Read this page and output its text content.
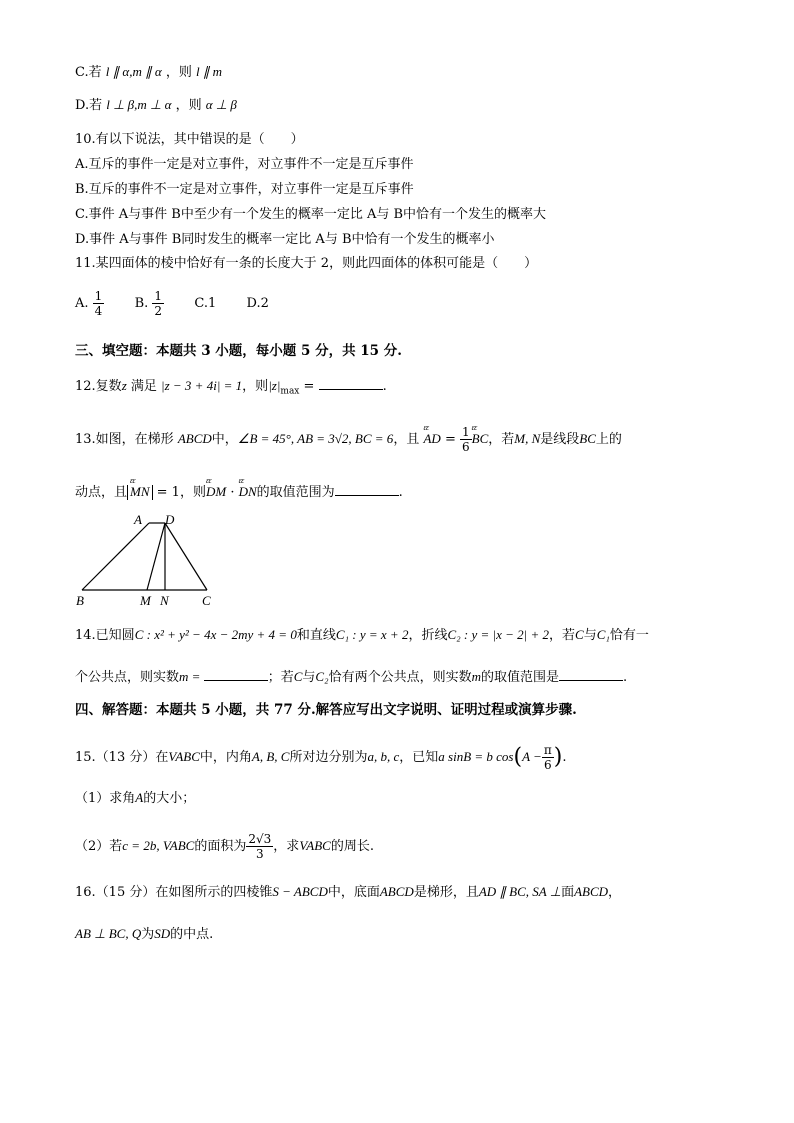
C.若 l ∥ α,m ∥ α ，则 l ∥ m
D.若 l ⊥ β,m ⊥ α ，则 α ⊥ β
10.有以下说法，其中错误的是（　　）
A.互斥的事件一定是对立事件，对立事件不一定是互斥事件
B.互斥的事件不一定是对立事件，对立事件一定是互斥事件
C.事件 A与事件 B中至少有一个发生的概率一定比 A与 B中恰有一个发生的概率大
D.事件 A与事件 B同时发生的概率一定比 A与 B中恰有一个发生的概率小
11.某四面体的棱中恰好有一条的长度大于 2，则此四面体的体积可能是（　　）
A. $\frac{1}{4} B$. $\frac{1}{2} C.1$ D.2
三、填空题：本题共 3 小题，每小题 5 分，共 15 分.
12.复数z 满足 |z − 3 + 4i| = 1，则$|z|_{max}$ =	.
13.如图，在梯形 ABCD中，∠B = 45°, AB = 3√2, BC = 6，且 ԑԑ AD = $\frac{1}{6}$ ԑԑ BC，若M, N是线段BC上的
动点，且 ԑԑ MN = 1，则ԑԑ DM · ԑԑ DN的取值范围为	.
A D
B	M N	C
14.已知圆C : x² + y² − 4x − 2my + 4 = 0和直线C₁ : y = x + 2，折线C₂ : y = |x − 2| + 2，若C与C₁恰有一
个公共点，则实数m =	；若C与C₂恰有两个公共点，则实数m的取值范围是	.
四、解答题：本题共 5 小题，共 77 分.解答应写出文字说明、证明过程或演算步骤.
15.（13 分）在VABC中，内角A, B, C所对边分别为a, b, c，已知a sinB = b $\cos(A - \frac{\pi}{6}$ ).
（1）求角A的大小；
（2）若c = 2b, VABC的面积为 $\frac{2√3}{3}$ ，求VABC的周长.
16.（15 分）在如图所示的四棱锥S − ABCD中，底面ABCD是梯形，且AD ∥ BC, SA ⊥面ABCD，
AB ⊥ BC, Q为SD的中点.
